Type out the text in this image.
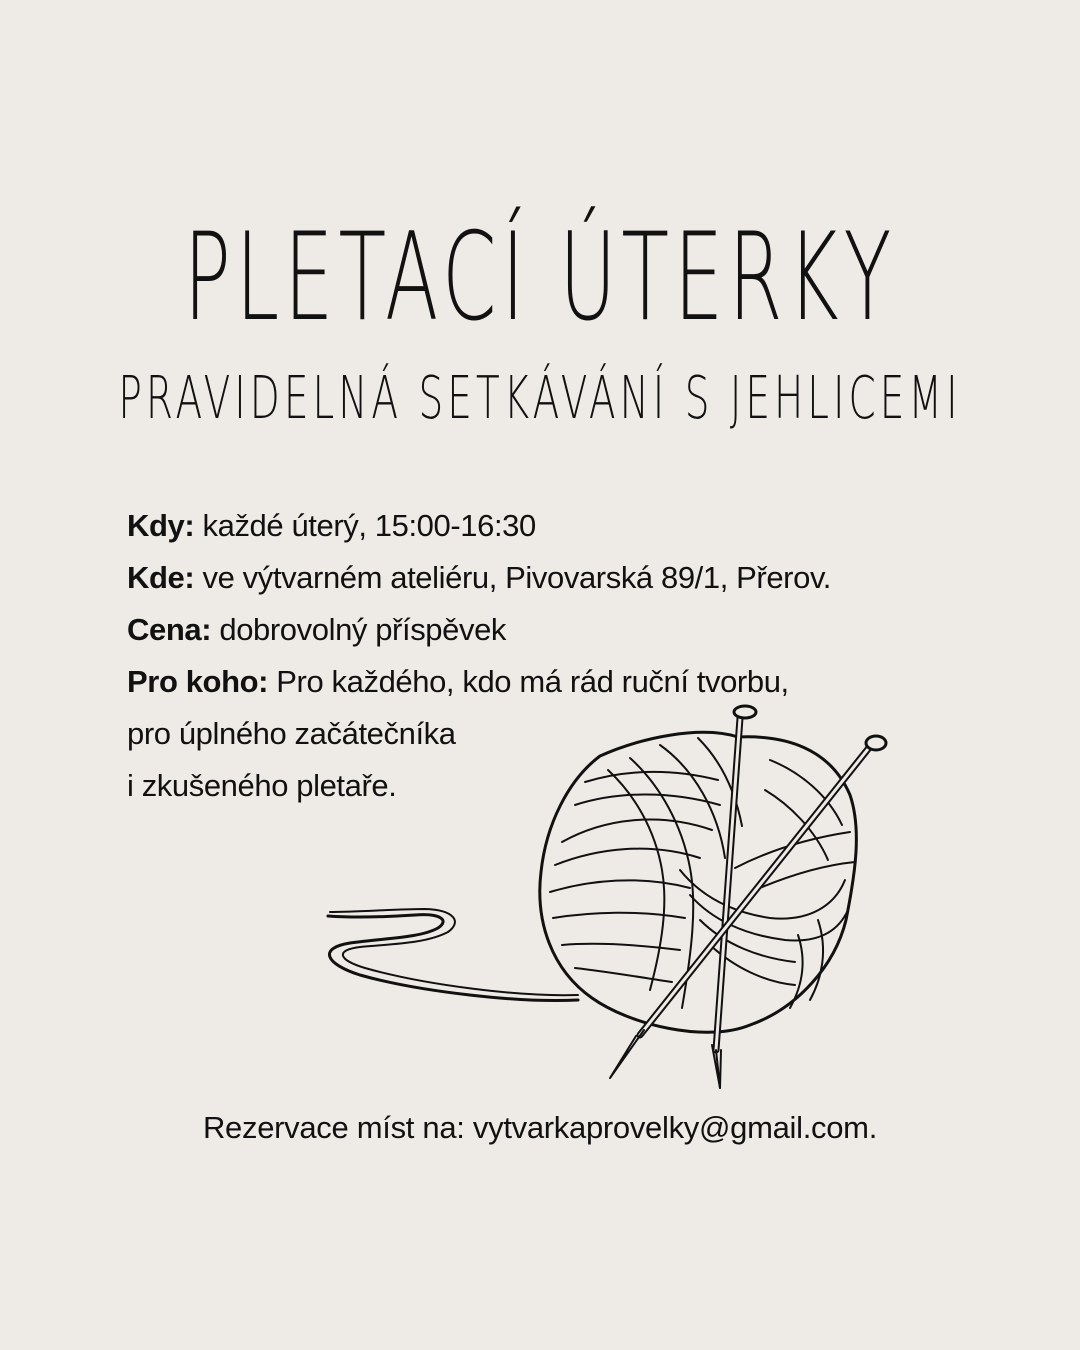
PLETACÍ ÚTERKY
PRAVIDELNÁ SETKÁVÁNÍ S JEHLICEMI
Kdy: každé úterý, 15:00-16:30
Kde: ve výtvarném ateliéru, Pivovarská 89/1, Přerov.
Cena: dobrovolný příspěvek
Pro koho: Pro každého, kdo má rád ruční tvorbu,
pro úplného začátečníka
i zkušeného pletaře.
Rezervace míst na: vytvarkaprovelky@gmail.com.
